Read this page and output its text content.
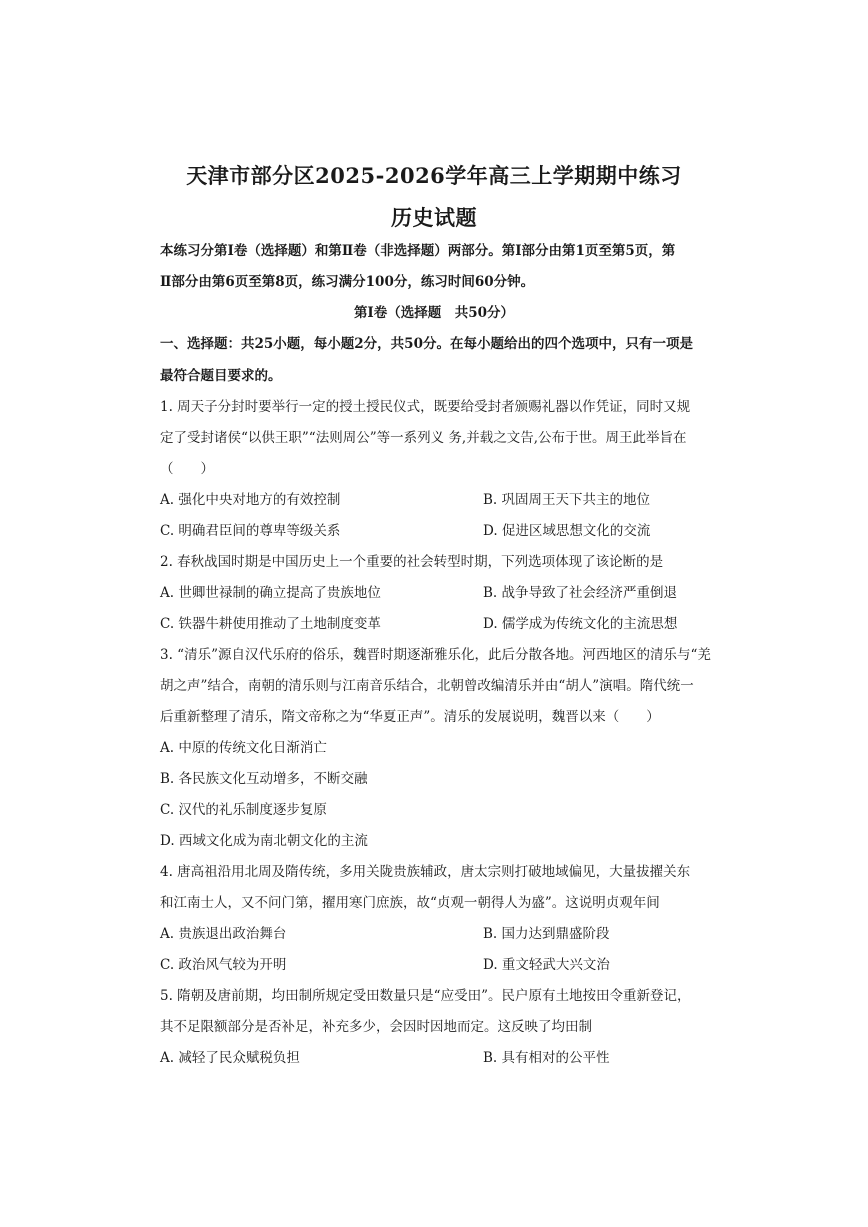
天津市部分区2025-2026学年高三上学期期中练习
历史试题
本练习分第Ⅰ卷（选择题）和第Ⅱ卷（非选择题）两部分。第Ⅰ部分由第1页至第5页，第
Ⅱ部分由第6页至第8页，练习满分100分，练习时间60分钟。
第Ⅰ卷（选择题　共50分）
一、选择题：共25小题，每小题2分，共50分。在每小题给出的四个选项中，只有一项是
最符合题目要求的。
1. 周天子分封时要举行一定的授土授民仪式，既要给受封者颁赐礼器以作凭证，同时又规
定了受封诸侯“以供王职”“法则周公”等一系列义 务,并载之文告,公布于世。周王此举旨在
（　　）
A. 强化中央对地方的有效控制	B. 巩固周王天下共主的地位
C. 明确君臣间的尊卑等级关系	D. 促进区域思想文化的交流
2. 春秋战国时期是中国历史上一个重要的社会转型时期，下列选项体现了该论断的是
A. 世卿世禄制的确立提高了贵族地位	B. 战争导致了社会经济严重倒退
C. 铁器牛耕使用推动了土地制度变革	D. 儒学成为传统文化的主流思想
3. “清乐”源自汉代乐府的俗乐，魏晋时期逐渐雅乐化，此后分散各地。河西地区的清乐与“羌
胡之声”结合，南朝的清乐则与江南音乐结合，北朝曾改编清乐并由“胡人”演唱。隋代统一
后重新整理了清乐，隋文帝称之为“华夏正声”。清乐的发展说明，魏晋以来（　　）
A. 中原的传统文化日渐消亡
B. 各民族文化互动增多，不断交融
C. 汉代的礼乐制度逐步复原
D. 西域文化成为南北朝文化的主流
4. 唐高祖沿用北周及隋传统，多用关陇贵族辅政，唐太宗则打破地域偏见，大量拔擢关东
和江南士人，又不问门第，擢用寒门庶族，故“贞观一朝得人为盛”。这说明贞观年间
A. 贵族退出政治舞台	B. 国力达到鼎盛阶段
C. 政治风气较为开明	D. 重文轻武大兴文治
5. 隋朝及唐前期，均田制所规定受田数量只是“应受田”。民户原有土地按田令重新登记，
其不足限额部分是否补足，补充多少，会因时因地而定。这反映了均田制
A. 减轻了民众赋税负担	B. 具有相对的公平性
